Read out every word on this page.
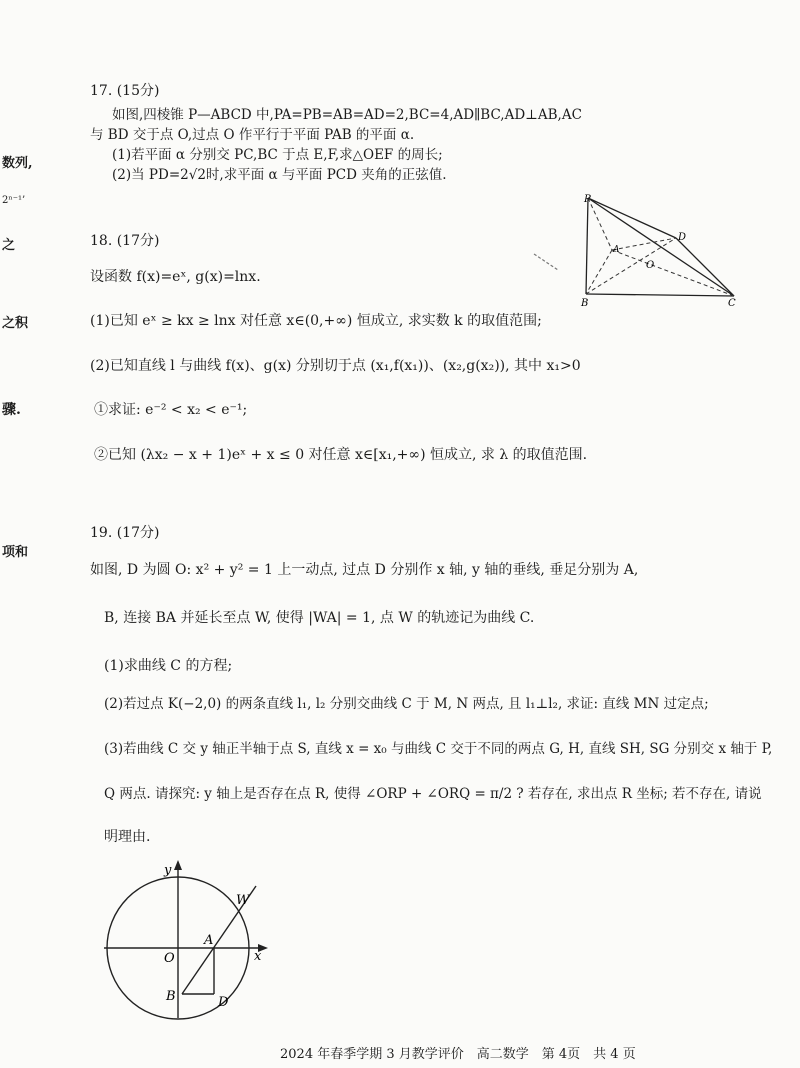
数列,
2ⁿ⁻¹’
之
之积
骤.
项和
17. (15分)
如图,四棱锥 P—ABCD 中,PA=PB=AB=AD=2,BC=4,AD∥BC,AD⊥AB,AC
与 BD 交于点 O,过点 O 作平行于平面 PAB 的平面 α.
(1)若平面 α 分别交 PC,BC 于点 E,F,求△OEF 的周长;
(2)当 PD=2√2时,求平面 α 与平面 PCD 夹角的正弦值.
P
D
A
O
B	C
18. (17分)
设函数 f(x)=eˣ, g(x)=lnx.
(1)已知 eˣ ≥ kx ≥ lnx 对任意 x∈(0,+∞) 恒成立, 求实数 k 的取值范围;
(2)已知直线 l 与曲线 f(x)、g(x) 分别切于点 (x₁,f(x₁))、(x₂,g(x₂)), 其中 x₁>0
①求证: e⁻² < x₂ < e⁻¹;
②已知 (λx₂ − x + 1)eˣ + x ≤ 0 对任意 x∈[x₁,+∞) 恒成立, 求 λ 的取值范围.
19. (17分)
如图, D 为圆 O: x² + y² = 1 上一动点, 过点 D 分别作 x 轴, y 轴的垂线, 垂足分别为 A,
B, 连接 BA 并延长至点 W, 使得 |WA| = 1, 点 W 的轨迹记为曲线 C.
(1)求曲线 C 的方程;
(2)若过点 K(−2,0) 的两条直线 l₁, l₂ 分别交曲线 C 于 M, N 两点, 且 l₁⊥l₂, 求证: 直线 MN 过定点;
(3)若曲线 C 交 y 轴正半轴于点 S, 直线 x = x₀ 与曲线 C 交于不同的两点 G, H, 直线 SH, SG 分别交 x 轴于 P,
Q 两点. 请探究: y 轴上是否存在点 R, 使得 ∠ORP + ∠ORQ = π/2 ? 若存在, 求出点 R 坐标; 若不存在, 请说
明理由.
y
x
O
A
W
B	D
2024 年春季学期 3 月教学评价　高二数学　第 4页　共 4 页
